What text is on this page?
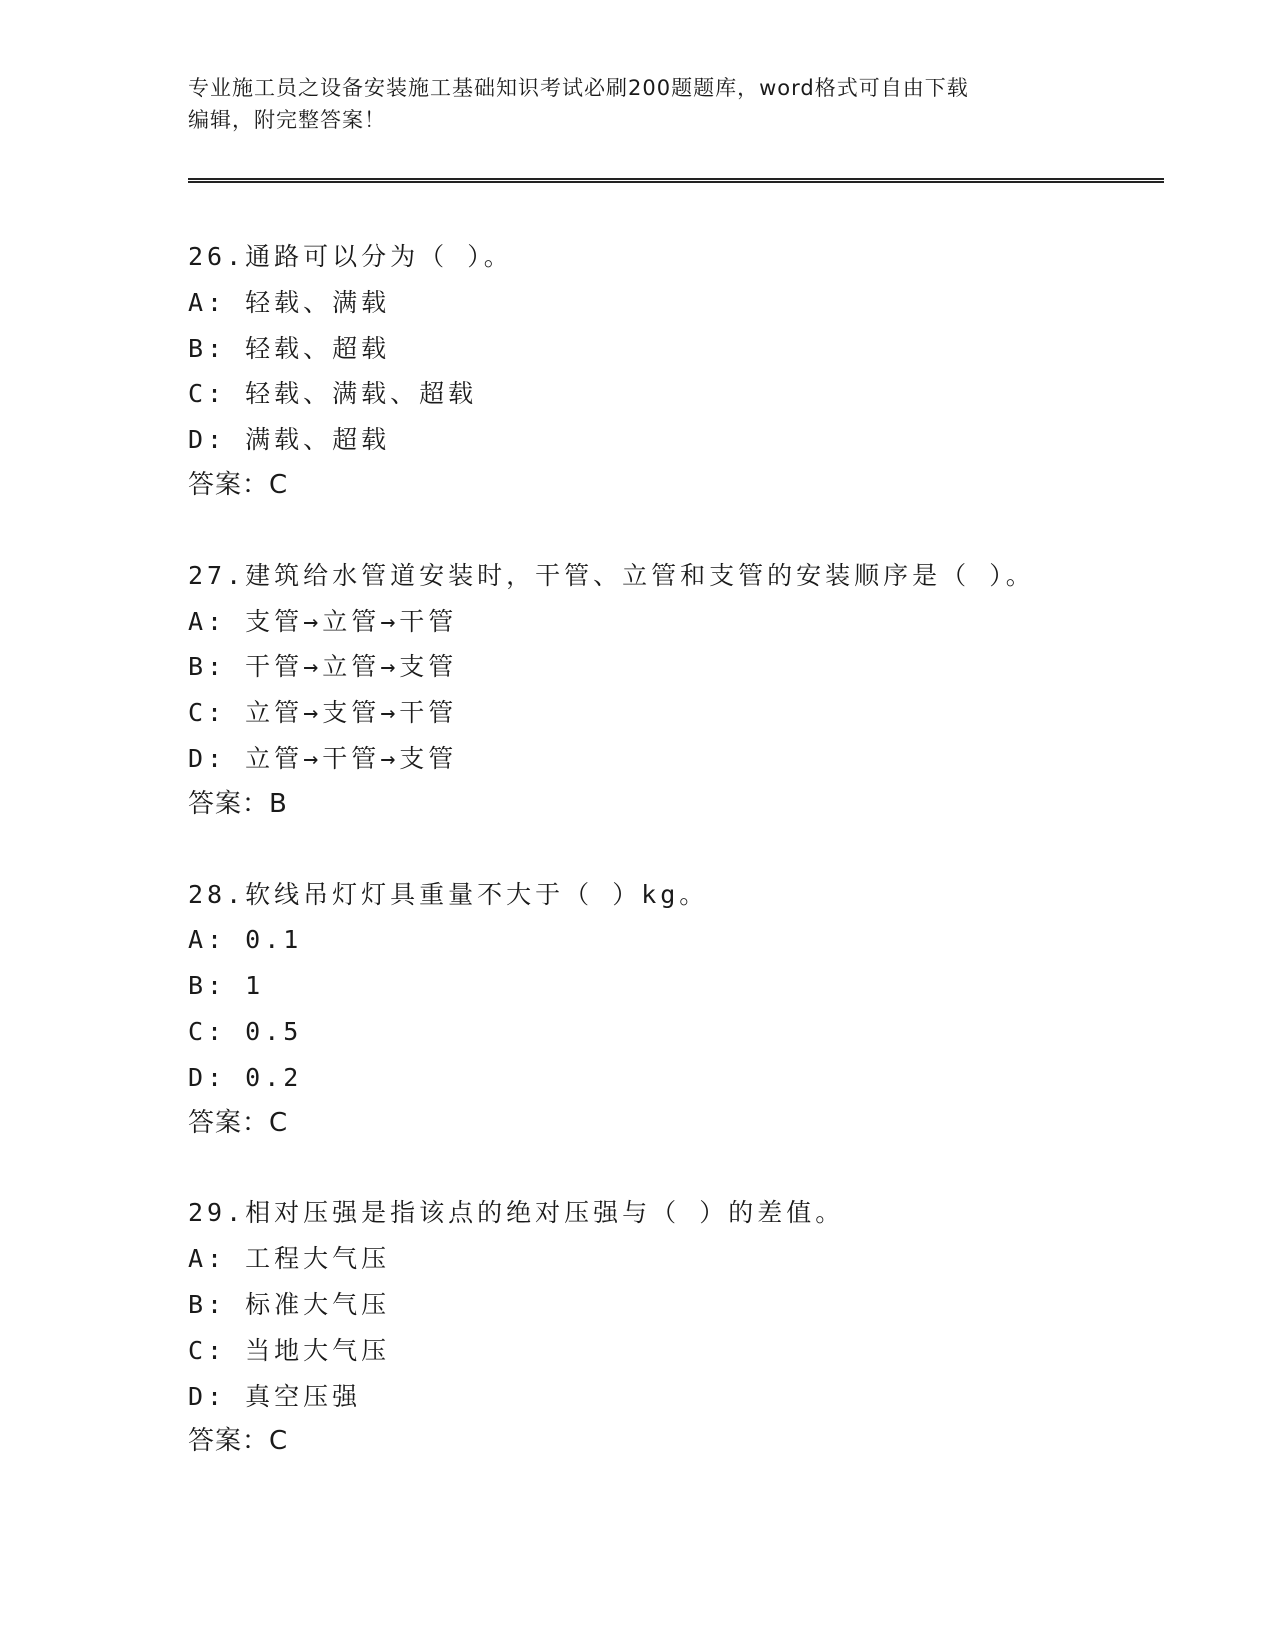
专业施工员之设备安装施工基础知识考试必刷200题题库，word格式可自由下载
编辑，附完整答案！
26.通路可以分为（ ）。
A: 轻载、满载
B: 轻载、超载
C: 轻载、满载、超载
D: 满载、超载
答案：C
27.建筑给水管道安装时，干管、立管和支管的安装顺序是（ ）。
A: 支管→立管→干管
B: 干管→立管→支管
C: 立管→支管→干管
D: 立管→干管→支管
答案：B
28.软线吊灯灯具重量不大于（ ）kg。
A: 0.1
B: 1
C: 0.5
D: 0.2
答案：C
29.相对压强是指该点的绝对压强与（ ）的差值。
A: 工程大气压
B: 标准大气压
C: 当地大气压
D: 真空压强
答案：C
